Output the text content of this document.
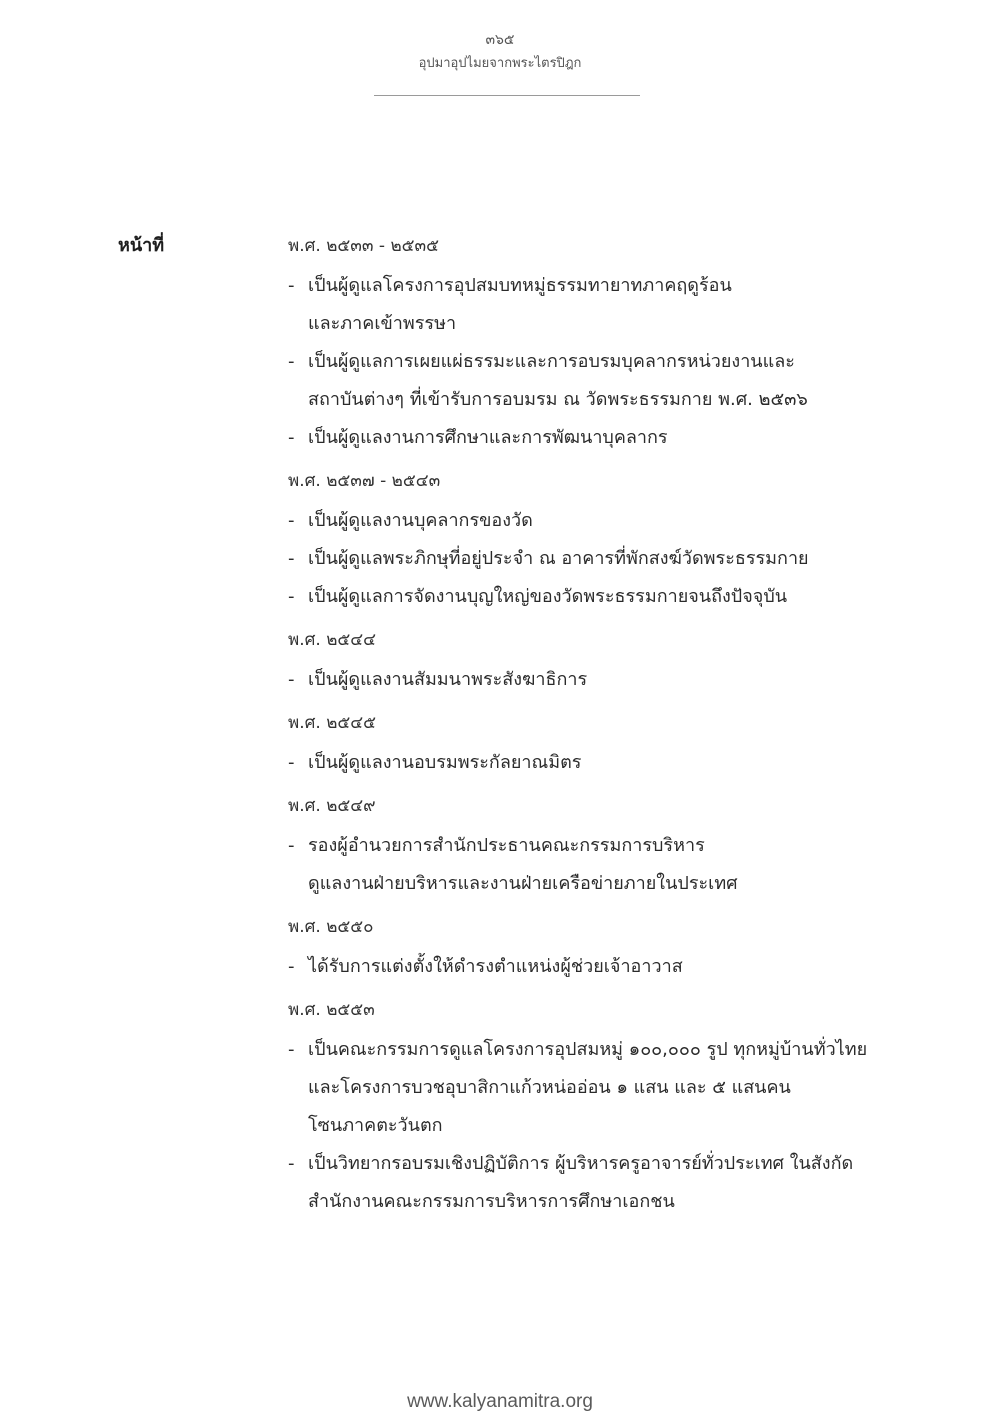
๓๖๕
อุปมาอุปไมยจากพระไตรปิฎก
หน้าที่	พ.ศ. ๒๕๓๓ - ๒๕๓๕
- เป็นผู้ดูแลโครงการอุปสมบทหมู่ธรรมทายาทภาคฤดูร้อน
และภาคเข้าพรรษา
- เป็นผู้ดูแลการเผยแผ่ธรรมะและการอบรมบุคลากรหน่วยงานและ
สถาบันต่างๆ ที่เข้ารับการอบมรม ณ วัดพระธรรมกาย พ.ศ. ๒๕๓๖
- เป็นผู้ดูแลงานการศึกษาและการพัฒนาบุคลากร
พ.ศ. ๒๕๓๗ - ๒๕๔๓
- เป็นผู้ดูแลงานบุคลากรของวัด
- เป็นผู้ดูแลพระภิกษุที่อยู่ประจำ ณ อาคารที่พักสงฆ์วัดพระธรรมกาย
- เป็นผู้ดูแลการจัดงานบุญใหญ่ของวัดพระธรรมกายจนถึงปัจจุบัน
พ.ศ. ๒๕๔๔
- เป็นผู้ดูแลงานสัมมนาพระสังฆาธิการ
พ.ศ. ๒๕๔๕
- เป็นผู้ดูแลงานอบรมพระกัลยาณมิตร
พ.ศ. ๒๕๔๙
- รองผู้อำนวยการสำนักประธานคณะกรรมการบริหาร
ดูแลงานฝ่ายบริหารและงานฝ่ายเครือข่ายภายในประเทศ
พ.ศ. ๒๕๕๐
- ได้รับการแต่งตั้งให้ดำรงตำแหน่งผู้ช่วยเจ้าอาวาส
พ.ศ. ๒๕๕๓
- เป็นคณะกรรมการดูแลโครงการอุปสมหมู่ ๑๐๐,๐๐๐ รูป ทุกหมู่บ้านทั่วไทย
และโครงการบวชอุบาสิกาแก้วหน่ออ่อน ๑ แสน และ ๕ แสนคน
โซนภาคตะวันตก
- เป็นวิทยากรอบรมเชิงปฏิบัติการ ผู้บริหารครูอาจารย์ทั่วประเทศ ในสังกัด
สำนักงานคณะกรรมการบริหารการศึกษาเอกชน
www.kalyanamitra.org
